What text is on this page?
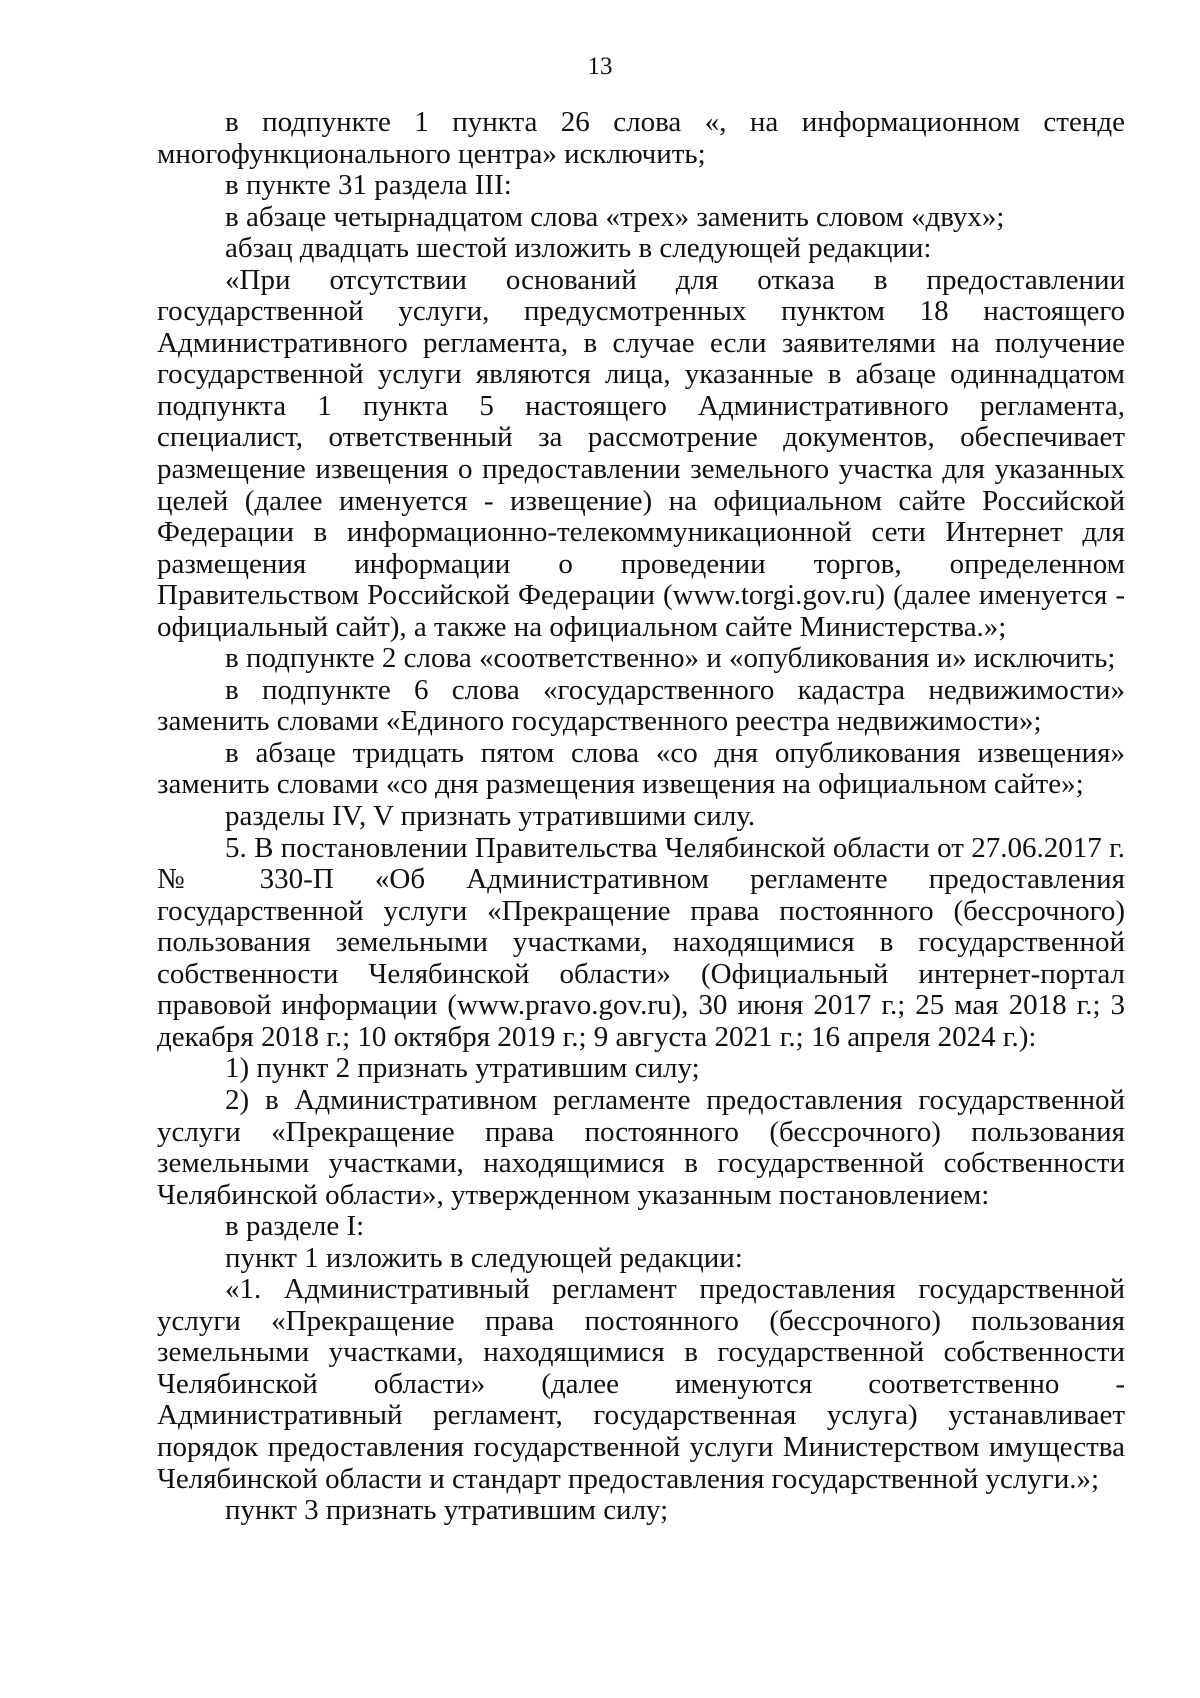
13

в подпункте 1 пункта 26 слова «, на информационном стенде многофункционального центра» исключить;

в пункте 31 раздела III:

в абзаце четырнадцатом слова «трех» заменить словом «двух»;

абзац двадцать шестой изложить в следующей редакции:

«При отсутствии оснований для отказа в предоставлении государственной услуги, предусмотренных пунктом 18 настоящего Административного регламента, в случае если заявителями на получение государственной услуги являются лица, указанные в абзаце одиннадцатом подпункта 1 пункта 5 настоящего Административного регламента, специалист, ответственный за рассмотрение документов, обеспечивает размещение извещения о предоставлении земельного участка для указанных целей (далее именуется - извещение) на официальном сайте Российской Федерации в информационно-телекоммуникационной сети Интернет для размещения информации о проведении торгов, определенном Правительством Российской Федерации (www.torgi.gov.ru) (далее именуется - официальный сайт), а также на официальном сайте Министерства.»;

в подпункте 2 слова «соответственно» и «опубликования и» исключить;

в подпункте 6 слова «государственного кадастра недвижимости» заменить словами «Единого государственного реестра недвижимости»;

в абзаце тридцать пятом слова «со дня опубликования извещения» заменить словами «со дня размещения извещения на официальном сайте»;

разделы IV, V признать утратившими силу.

5. В постановлении Правительства Челябинской области от 27.06.2017 г. № 330-П «Об Административном регламенте предоставления государственной услуги «Прекращение права постоянного (бессрочного) пользования земельными участками, находящимися в государственной собственности Челябинской области» (Официальный интернет-портал правовой информации (www.pravo.gov.ru), 30 июня 2017 г.; 25 мая 2018 г.; 3 декабря 2018 г.; 10 октября 2019 г.; 9 августа 2021 г.; 16 апреля 2024 г.):

1) пункт 2 признать утратившим силу;

2) в Административном регламенте предоставления государственной услуги «Прекращение права постоянного (бессрочного) пользования земельными участками, находящимися в государственной собственности Челябинской области», утвержденном указанным постановлением:

в разделе I:

пункт 1 изложить в следующей редакции:

«1. Административный регламент предоставления государственной услуги «Прекращение права постоянного (бессрочного) пользования земельными участками, находящимися в государственной собственности Челябинской области» (далее именуются соответственно - Административный регламент, государственная услуга) устанавливает порядок предоставления государственной услуги Министерством имущества Челябинской области и стандарт предоставления государственной услуги.»;

пункт 3 признать утратившим силу;
